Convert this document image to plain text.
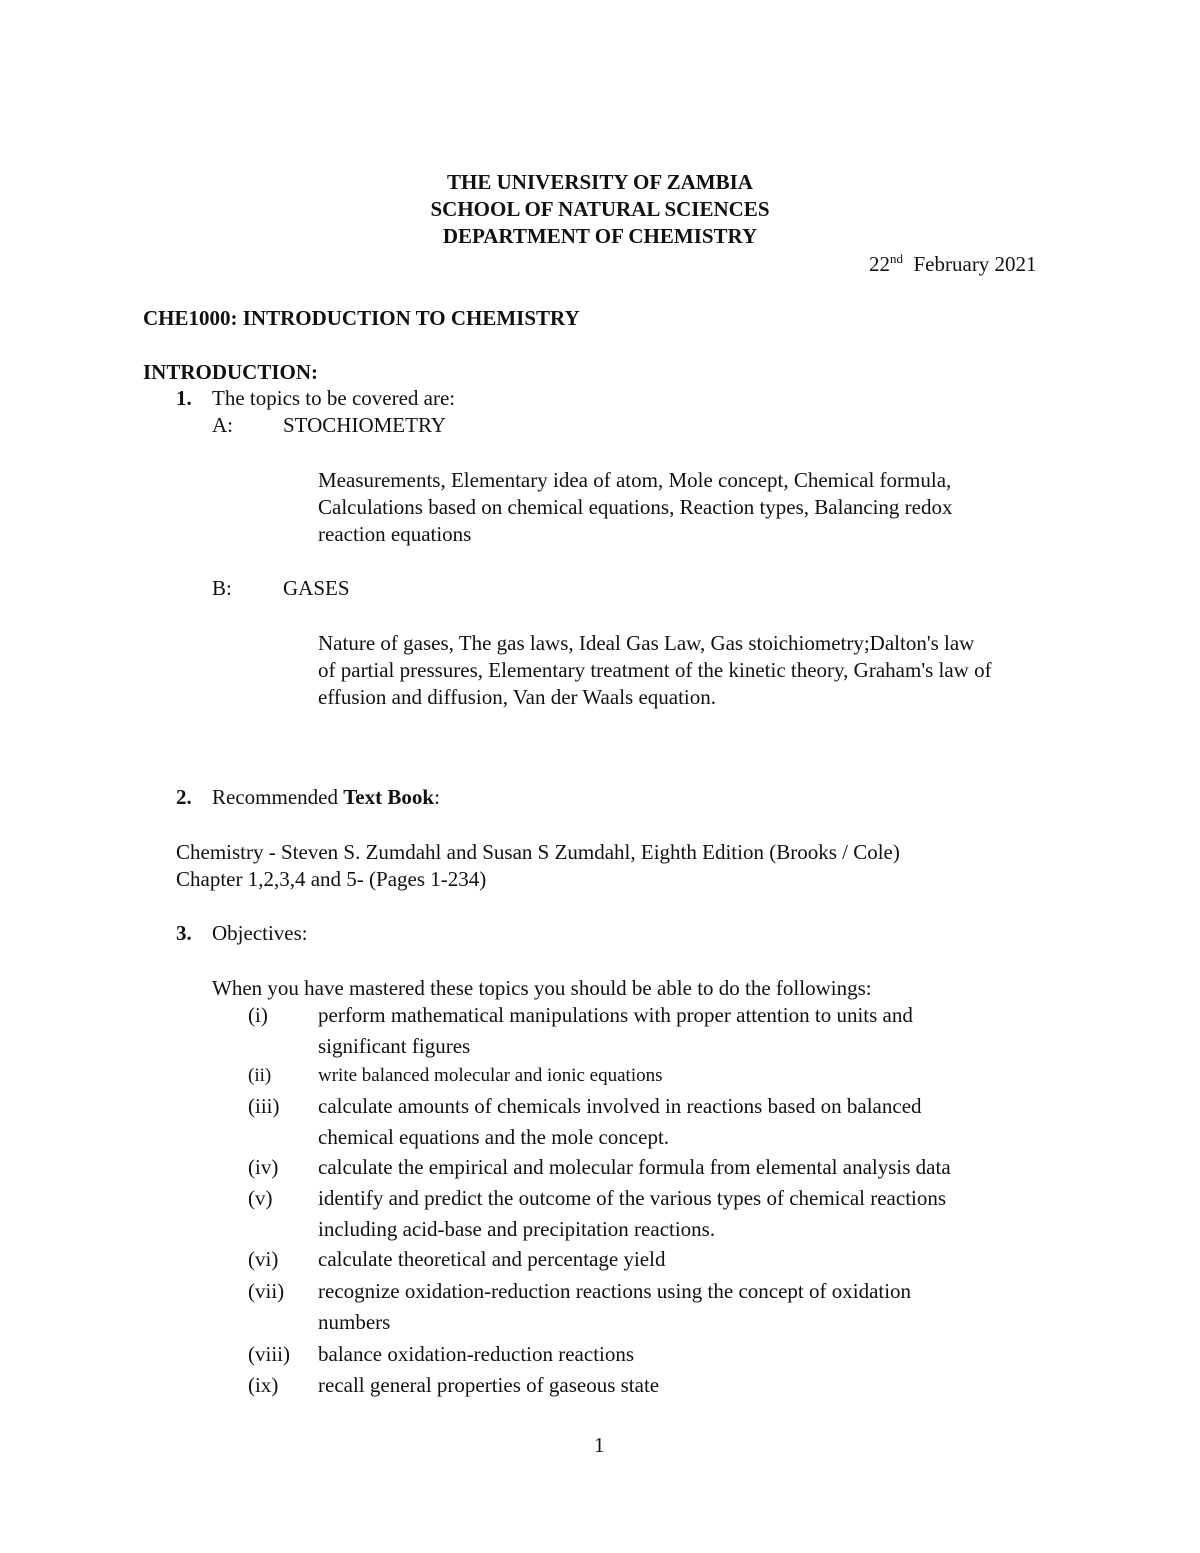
THE UNIVERSITY OF ZAMBIA
SCHOOL OF NATURAL SCIENCES
DEPARTMENT OF CHEMISTRY
22nd February 2021
CHE1000: INTRODUCTION TO CHEMISTRY
INTRODUCTION:
1. The topics to be covered are:
A: STOCHIOMETRY
Measurements, Elementary idea of atom, Mole concept, Chemical formula,
Calculations based on chemical equations, Reaction types, Balancing redox
reaction equations
B: GASES
Nature of gases, The gas laws, Ideal Gas Law, Gas stoichiometry;Dalton's law
of partial pressures, Elementary treatment of the kinetic theory, Graham's law of
effusion and diffusion, Van der Waals equation.
2. Recommended Text Book:
Chemistry - Steven S. Zumdahl and Susan S Zumdahl, Eighth Edition (Brooks / Cole)
Chapter 1,2,3,4 and 5- (Pages 1-234)
3. Objectives:
When you have mastered these topics you should be able to do the followings:
(i) perform mathematical manipulations with proper attention to units and
significant figures
(ii) write balanced molecular and ionic equations
(iii) calculate amounts of chemicals involved in reactions based on balanced
chemical equations and the mole concept.
(iv) calculate the empirical and molecular formula from elemental analysis data
(v) identify and predict the outcome of the various types of chemical reactions
including acid-base and precipitation reactions.
(vi) calculate theoretical and percentage yield
(vii) recognize oxidation-reduction reactions using the concept of oxidation
numbers
(viii) balance oxidation-reduction reactions
(ix) recall general properties of gaseous state
1
